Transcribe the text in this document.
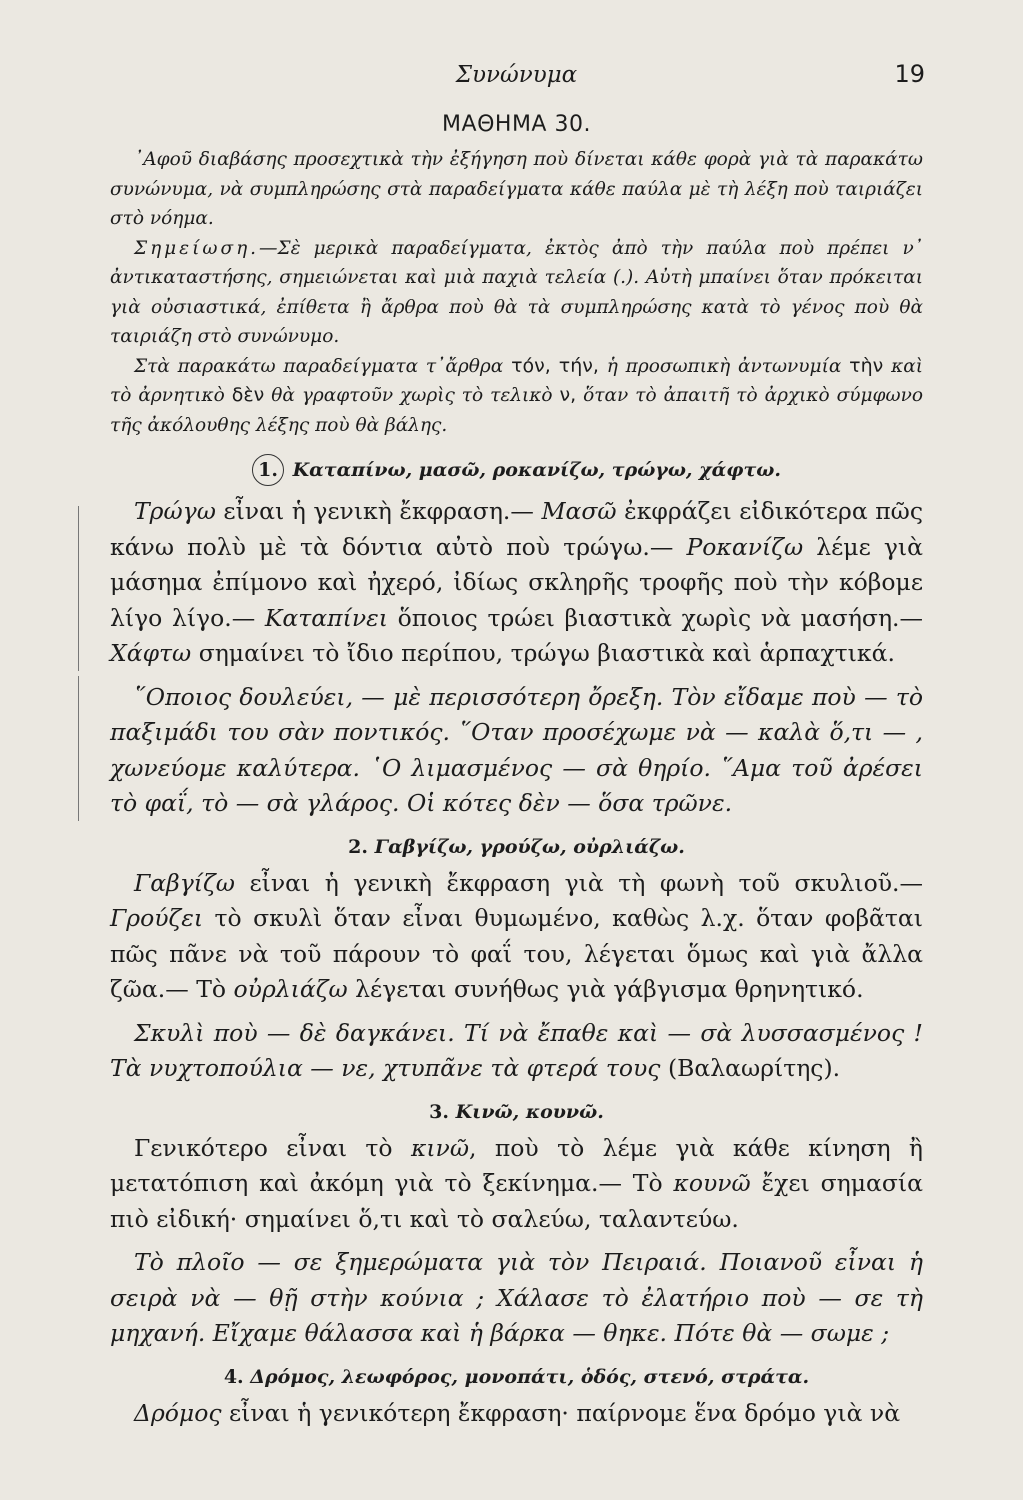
Συνώνυμα	19
ΜΑΘΗΜΑ 30.

᾿Αφοῦ διαβάσης προσεχτικὰ τὴν ἐξήγηση ποὺ δίνεται κάθε φορὰ γιὰ τὰ παρακάτω συνώνυμα, νὰ συμπληρώσης στὰ παραδείγματα κάθε παύλα μὲ τὴ λέξη ποὺ ταιριάζει στὸ νόημα.

Σημείωση.—Σὲ μερικὰ παραδείγματα, ἐκτὸς ἀπὸ τὴν παύλα ποὺ πρέπει ν᾿ ἀντικαταστήσης, σημειώνεται καὶ μιὰ παχιὰ τελεία (.). Αὐτὴ μπαίνει ὅταν πρόκειται γιὰ οὐσιαστικά, ἐπίθετα ἢ ἄρθρα ποὺ θὰ τὰ συμπληρώσης κατὰ τὸ γένος ποὺ θὰ ταιριάζη στὸ συνώνυμο.

Στὰ παρακάτω παραδείγματα τ᾿ἄρθρα τόν, τήν, ἡ προσωπικὴ ἀντωνυμία τὴν καὶ τὸ ἀρνητικὸ δὲν θὰ γραφτοῦν χωρὶς τὸ τελικὸ ν, ὅταν τὸ ἀπαιτῆ τὸ ἀρχικὸ σύμφωνο τῆς ἀκόλουθης λέξης ποὺ θὰ βάλης.

1. Καταπίνω, μασῶ, ροκανίζω, τρώγω, χάφτω.

Τρώγω εἶναι ἡ γενικὴ ἔκφραση.— Μασῶ ἐκφράζει εἰδικότερα πῶς κάνω πολὺ μὲ τὰ δόντια αὐτὸ ποὺ τρώγω.— Ροκανίζω λέμε γιὰ μάσημα ἐπίμονο καὶ ἠχερό, ἰδίως σκληρῆς τροφῆς ποὺ τὴν κόβομε λίγο λίγο.— Καταπίνει ὅποιος τρώει βιαστικὰ χωρὶς νὰ μασήση.— Χάφτω σημαίνει τὸ ἴδιο περίπου, τρώγω βιαστικὰ καὶ ἁρπαχτικά.

῞Οποιος δουλεύει, — μὲ περισσότερη ὄρεξη. Τὸν εἴδαμε ποὺ — τὸ παξιμάδι του σὰν ποντικός. ῞Οταν προσέχωμε νὰ — καλὰ ὅ,τι — , χωνεύομε καλύτερα. ῾Ο λιμασμένος — σὰ θηρίο. ῞Αμα τοῦ ἀρέσει τὸ φαΐ, τὸ — σὰ γλάρος. Οἱ κότες δὲν — ὅσα τρῶνε.

2. Γαβγίζω, γρούζω, οὐρλιάζω.

Γαβγίζω εἶναι ἡ γενικὴ ἔκφραση γιὰ τὴ φωνὴ τοῦ σκυλιοῦ.— Γρούζει τὸ σκυλὶ ὅταν εἶναι θυμωμένο, καθὼς λ.χ. ὅταν φοβᾶται πῶς πᾶνε νὰ τοῦ πάρουν τὸ φαΐ του, λέγεται ὅμως καὶ γιὰ ἄλλα ζῶα.— Τὸ οὐρλιάζω λέγεται συνήθως γιὰ γάβγισμα θρηνητικό.

Σκυλὶ ποὺ — δὲ δαγκάνει. Τί νὰ ἔπαθε καὶ — σὰ λυσσασμένος ! Τὰ νυχτοπούλια — νε, χτυπᾶνε τὰ φτερά τους (Βαλαωρίτης).

3. Κινῶ, κουνῶ.

Γενικότερο εἶναι τὸ κινῶ, ποὺ τὸ λέμε γιὰ κάθε κίνηση ἢ μετατόπιση καὶ ἀκόμη γιὰ τὸ ξεκίνημα.— Τὸ κουνῶ ἔχει σημασία πιὸ εἰδική· σημαίνει ὅ,τι καὶ τὸ σαλεύω, ταλαντεύω.

Τὸ πλοῖο — σε ξημερώματα γιὰ τὸν Πειραιά. Ποιανοῦ εἶναι ἡ σειρὰ νὰ — θῇ στὴν κούνια ; Χάλασε τὸ ἐλατήριο ποὺ — σε τὴ μηχανή. Εἴχαμε θάλασσα καὶ ἡ βάρκα — θηκε. Πότε θὰ — σωμε ;

4. Δρόμος, λεωφόρος, μονοπάτι, ὁδός, στενό, στράτα.

Δρόμος εἶναι ἡ γενικότερη ἔκφραση· παίρνομε ἕνα δρόμο γιὰ νὰ
